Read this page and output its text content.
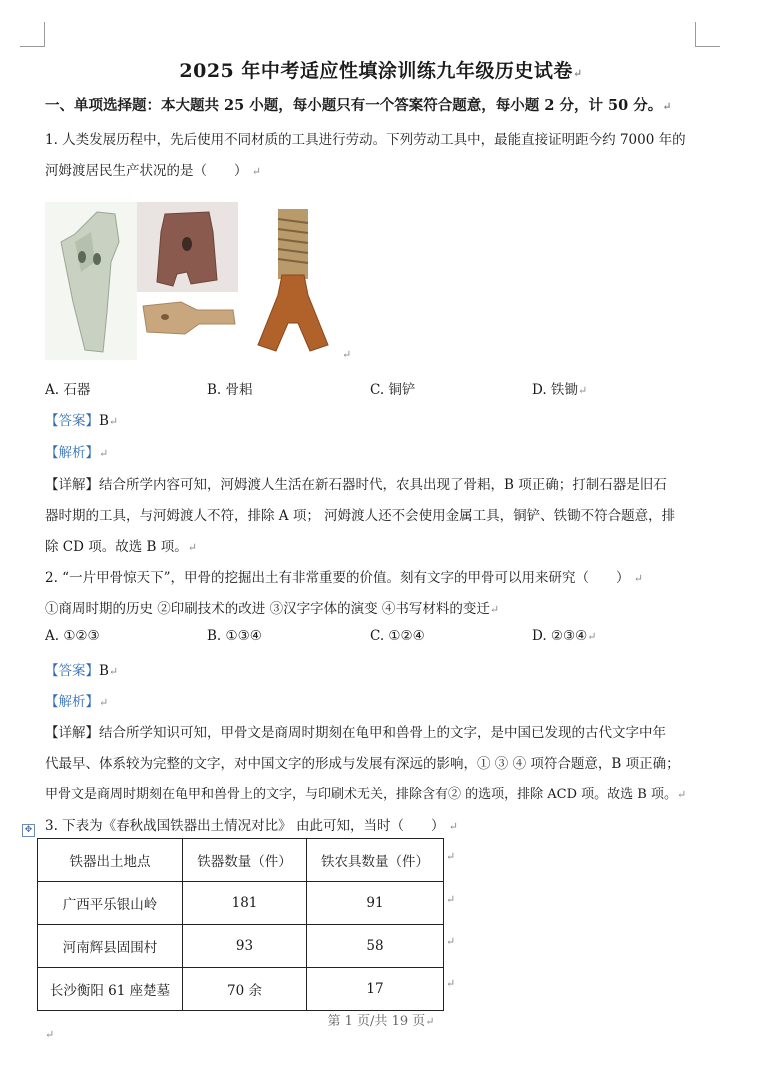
2025 年中考适应性填涂训练九年级历史试卷↵
一、单项选择题：本大题共 25 小题，每小题只有一个答案符合题意，每小题 2 分，计 50 分。↵
1. 人类发展历程中，先后使用不同材质的工具进行劳动。下列劳动工具中，最能直接证明距今约 7000 年的
河姆渡居民生产状况的是（　　） ↵
↵
A. 石器	B. 骨耜	C. 铜铲	D. 铁锄↵
【答案】B↵
【解析】↵
【详解】结合所学内容可知，河姆渡人生活在新石器时代，农具出现了骨耜，B 项正确；打制石器是旧石
器时期的工具，与河姆渡人不符，排除 A 项； 河姆渡人还不会使用金属工具，铜铲、铁锄不符合题意，排
除 CD 项。故选 B 项。↵
2. “一片甲骨惊天下”，甲骨的挖掘出土有非常重要的价值。刻有文字的甲骨可以用来研究（　　） ↵
①商周时期的历史 ②印刷技术的改进 ③汉字字体的演变 ④书写材料的变迁↵
A. ①②③	B. ①③④	C. ①②④	D. ②③④↵
【答案】B↵
【解析】↵
【详解】结合所学知识可知，甲骨文是商周时期刻在龟甲和兽骨上的文字，是中国已发现的古代文字中年
代最早、体系较为完整的文字，对中国文字的形成与发展有深远的影响，① ③ ④ 项符合题意，B 项正确；
甲骨文是商周时期刻在龟甲和兽骨上的文字，与印刷术无关，排除含有② 的选项，排除 ACD 项。故选 B 项。↵
✥ 3. 下表为《春秋战国铁器出土情况对比》 由此可知，当时（　　） ↵
铁器出土地点	铁器数量（件）	铁农具数量（件）
广西平乐银山岭	181	91
河南辉县固围村	93	58
长沙衡阳 61 座楚墓	70 余	17
↵
↵
↵
↵
第 1 页/共 19 页↵
↵
